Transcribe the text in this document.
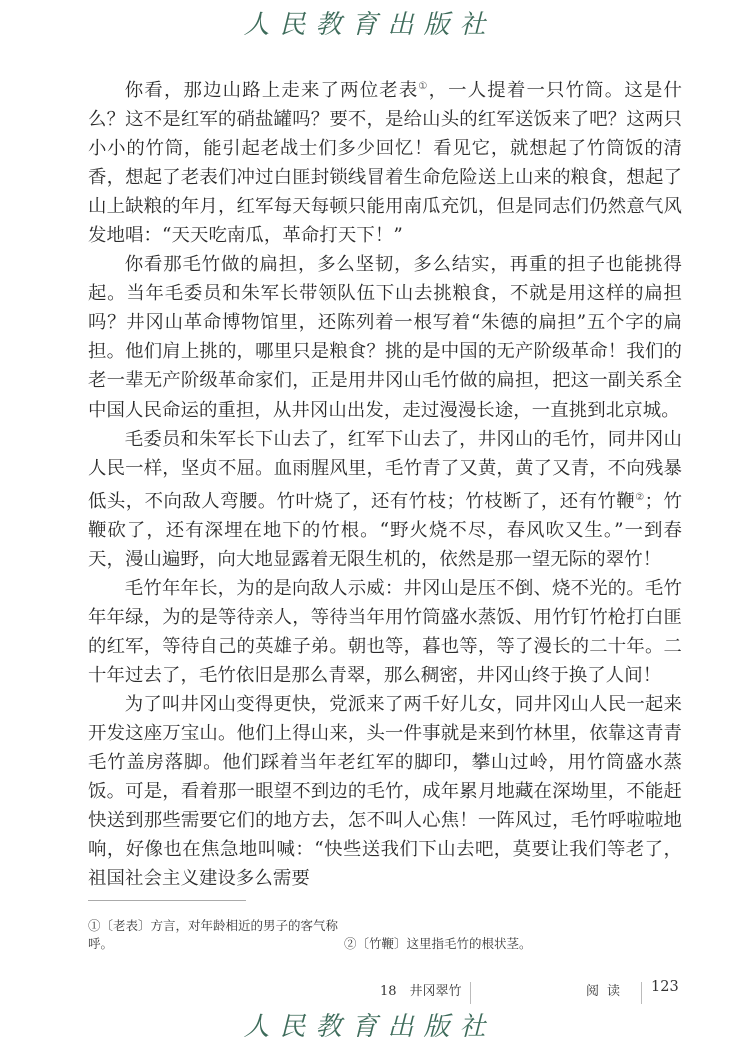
人民教育出版社

你看，那边山路上走来了两位老表①，一人提着一只竹筒。这是什么？这不是红军的硝盐罐吗？要不，是给山头的红军送饭来了吧？这两只小小的竹筒，能引起老战士们多少回忆！看见它，就想起了竹筒饭的清香，想起了老表们冲过白匪封锁线冒着生命危险送上山来的粮食，想起了山上缺粮的年月，红军每天每顿只能用南瓜充饥，但是同志们仍然意气风发地唱：“天天吃南瓜，革命打天下！”

你看那毛竹做的扁担，多么坚韧，多么结实，再重的担子也能挑得起。当年毛委员和朱军长带领队伍下山去挑粮食，不就是用这样的扁担吗？井冈山革命博物馆里，还陈列着一根写着“朱德的扁担”五个字的扁担。他们肩上挑的，哪里只是粮食？挑的是中国的无产阶级革命！我们的老一辈无产阶级革命家们，正是用井冈山毛竹做的扁担，把这一副关系全中国人民命运的重担，从井冈山出发，走过漫漫长途，一直挑到北京城。

毛委员和朱军长下山去了，红军下山去了，井冈山的毛竹，同井冈山人民一样，坚贞不屈。血雨腥风里，毛竹青了又黄，黄了又青，不向残暴低头，不向敌人弯腰。竹叶烧了，还有竹枝；竹枝断了，还有竹鞭②；竹鞭砍了，还有深埋在地下的竹根。“野火烧不尽，春风吹又生。”一到春天，漫山遍野，向大地显露着无限生机的，依然是那一望无际的翠竹！

毛竹年年长，为的是向敌人示威：井冈山是压不倒、烧不光的。毛竹年年绿，为的是等待亲人，等待当年用竹筒盛水蒸饭、用竹钉竹枪打白匪的红军，等待自己的英雄子弟。朝也等，暮也等，等了漫长的二十年。二十年过去了，毛竹依旧是那么青翠，那么稠密，井冈山终于换了人间！

为了叫井冈山变得更快，党派来了两千好儿女，同井冈山人民一起来开发这座万宝山。他们上得山来，头一件事就是来到竹林里，依靠这青青毛竹盖房落脚。他们踩着当年老红军的脚印，攀山过岭，用竹筒盛水蒸饭。可是，看着那一眼望不到边的毛竹，成年累月地藏在深坳里，不能赶快送到那些需要它们的地方去，怎不叫人心焦！一阵风过，毛竹呼啦啦地响，好像也在焦急地叫喊：“快些送我们下山去吧，莫要让我们等老了，祖国社会主义建设多么需要

①〔老表〕方言，对年龄相近的男子的客气称呼。	②〔竹鞭〕这里指毛竹的根状茎。
18　井冈翠竹	阅读 123
人民教育出版社
